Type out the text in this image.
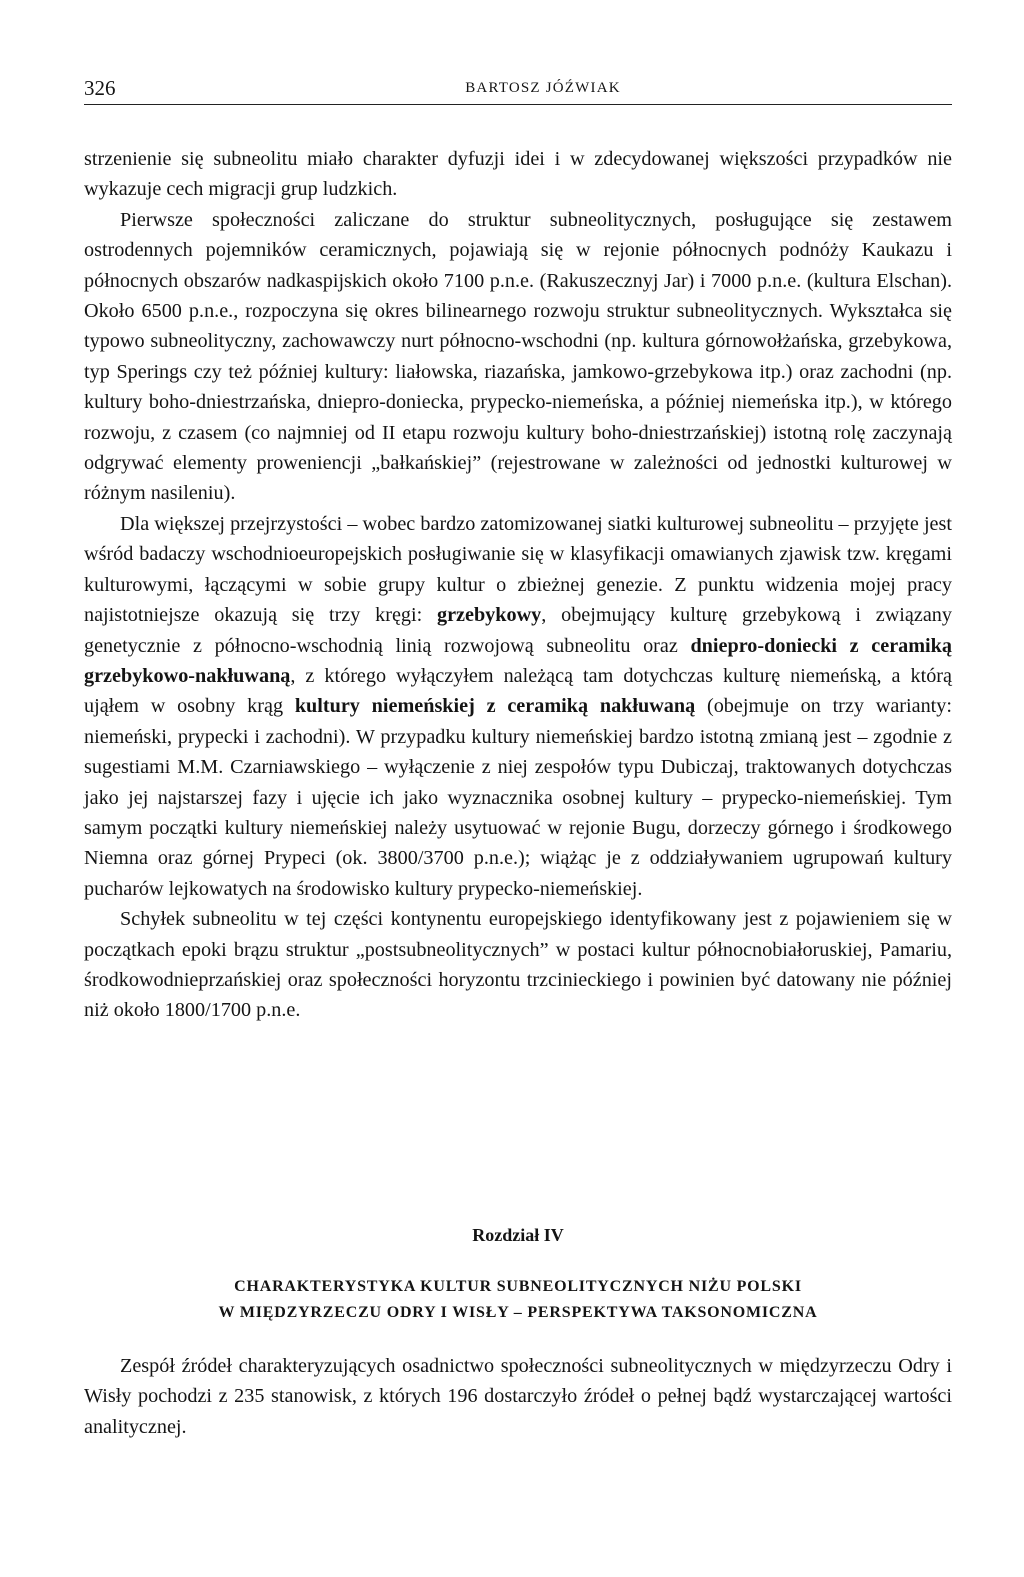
326	BARTOSZ JÓŹWIAK

strzenienie się subneolitu miało charakter dyfuzji idei i w zdecydowanej większości przypadków nie wykazuje cech migracji grup ludzkich.

Pierwsze społeczności zaliczane do struktur subneolitycznych, posługujące się zestawem ostrodennych pojemników ceramicznych, pojawiają się w rejonie północnych podnóży Kaukazu i północnych obszarów nadkaspijskich około 7100 p.n.e. (Rakuszecznyj Jar) i 7000 p.n.e. (kultura Elschan). Około 6500 p.n.e., rozpoczyna się okres bilinearnego rozwoju struktur subneolitycznych. Wykształca się typowo subneolityczny, zachowawczy nurt północno-wschodni (np. kultura górnowołżańska, grzebykowa, typ Sperings czy też później kultury: liałowska, riazańska, jamkowo-grzebykowa itp.) oraz zachodni (np. kultury boho-dniestrzańska, dniepro-doniecka, prypecko-niemeńska, a później niemeńska itp.), w którego rozwoju, z czasem (co najmniej od II etapu rozwoju kultury boho-dniestrzańskiej) istotną rolę zaczynają odgrywać elementy proweniencji „bałkańskiej” (rejestrowane w zależności od jednostki kulturowej w różnym nasileniu).

Dla większej przejrzystości – wobec bardzo zatomizowanej siatki kulturowej subneolitu – przyjęte jest wśród badaczy wschodnioeuropejskich posługiwanie się w klasyfikacji omawianych zjawisk tzw. kręgami kulturowymi, łączącymi w sobie grupy kultur o zbieżnej genezie. Z punktu widzenia mojej pracy najistotniejsze okazują się trzy kręgi: grzebykowy, obejmujący kulturę grzebykową i związany genetycznie z północno-wschodnią linią rozwojową subneolitu oraz dniepro-doniecki z ceramiką grzebykowo-nakłuwaną, z którego wyłączyłem należącą tam dotychczas kulturę niemeńską, a którą ująłem w osobny krąg kultury niemeńskiej z ceramiką nakłuwaną (obejmuje on trzy warianty: niemeński, prypecki i zachodni). W przypadku kultury niemeńskiej bardzo istotną zmianą jest – zgodnie z sugestiami M.M. Czarniawskiego – wyłączenie z niej zespołów typu Dubiczaj, traktowanych dotychczas jako jej najstarszej fazy i ujęcie ich jako wyznacznika osobnej kultury – prypecko-niemeńskiej. Tym samym początki kultury niemeńskiej należy usytuować w rejonie Bugu, dorzeczy górnego i środkowego Niemna oraz górnej Prypeci (ok. 3800/3700 p.n.e.); wiążąc je z oddziaływaniem ugrupowań kultury pucharów lejkowatych na środowisko kultury prypecko-niemeńskiej.

Schyłek subneolitu w tej części kontynentu europejskiego identyfikowany jest z pojawieniem się w początkach epoki brązu struktur „postsubneolitycznych” w postaci kultur północnobiałoruskiej, Pamariu, środkowodnieprzańskiej oraz społeczności horyzontu trzcinieckiego i powinien być datowany nie później niż około 1800/1700 p.n.e.

Rozdział IV

CHARAKTERYSTYKA KULTUR SUBNEOLITYCZNYCH NIŻU POLSKI

W MIĘDZYRZECZU ODRY I WISŁY – PERSPEKTYWA TAKSONOMICZNA

Zespół źródeł charakteryzujących osadnictwo społeczności subneolitycznych w międzyrzeczu Odry i Wisły pochodzi z 235 stanowisk, z których 196 dostarczyło źródeł o pełnej bądź wystarczającej wartości analitycznej.
